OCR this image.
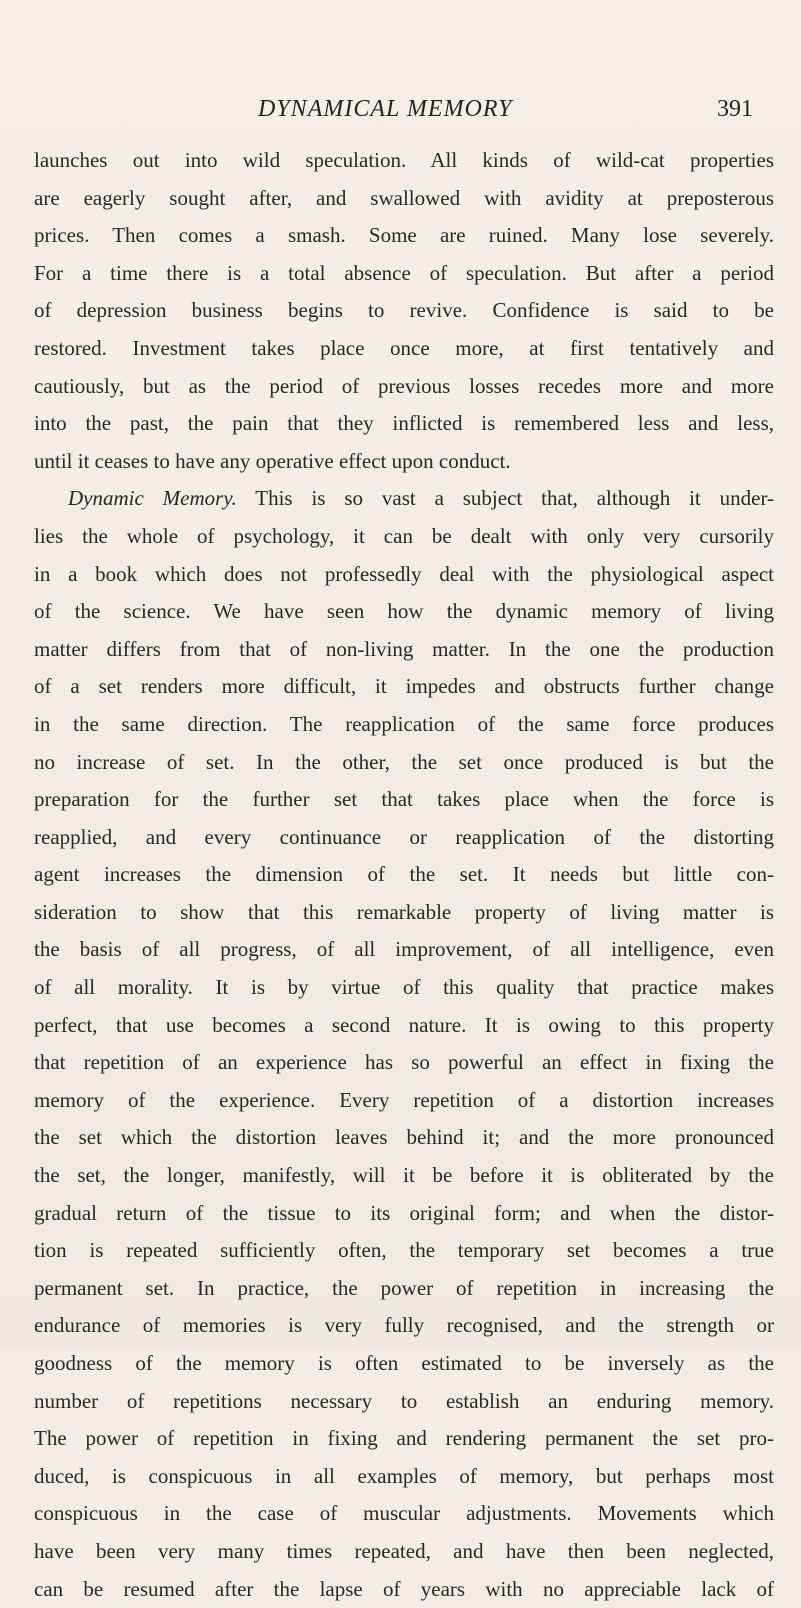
DYNAMICAL MEMORY	391
launches out into wild speculation. All kinds of wild-cat properties
are eagerly sought after, and swallowed with avidity at preposterous
prices. Then comes a smash. Some are ruined. Many lose severely.
For a time there is a total absence of speculation. But after a period
of depression business begins to revive. Confidence is said to be
restored. Investment takes place once more, at first tentatively and
cautiously, but as the period of previous losses recedes more and more
into the past, the pain that they inflicted is remembered less and less,
until it ceases to have any operative effect upon conduct.
Dynamic Memory. This is so vast a subject that, although it under-
lies the whole of psychology, it can be dealt with only very cursorily
in a book which does not professedly deal with the physiological aspect
of the science. We have seen how the dynamic memory of living
matter differs from that of non-living matter. In the one the production
of a set renders more difficult, it impedes and obstructs further change
in the same direction. The reapplication of the same force produces
no increase of set. In the other, the set once produced is but the
preparation for the further set that takes place when the force is
reapplied, and every continuance or reapplication of the distorting
agent increases the dimension of the set. It needs but little con-
sideration to show that this remarkable property of living matter is
the basis of all progress, of all improvement, of all intelligence, even
of all morality. It is by virtue of this quality that practice makes
perfect, that use becomes a second nature. It is owing to this property
that repetition of an experience has so powerful an effect in fixing the
memory of the experience. Every repetition of a distortion increases
the set which the distortion leaves behind it; and the more pronounced
the set, the longer, manifestly, will it be before it is obliterated by the
gradual return of the tissue to its original form; and when the distor-
tion is repeated sufficiently often, the temporary set becomes a true
permanent set. In practice, the power of repetition in increasing the
endurance of memories is very fully recognised, and the strength or
goodness of the memory is often estimated to be inversely as the
number of repetitions necessary to establish an enduring memory.
The power of repetition in fixing and rendering permanent the set pro-
duced, is conspicuous in all examples of memory, but perhaps most
conspicuous in the case of muscular adjustments. Movements which
have been very many times repeated, and have then been neglected,
can be resumed after the lapse of years with no appreciable lack of
